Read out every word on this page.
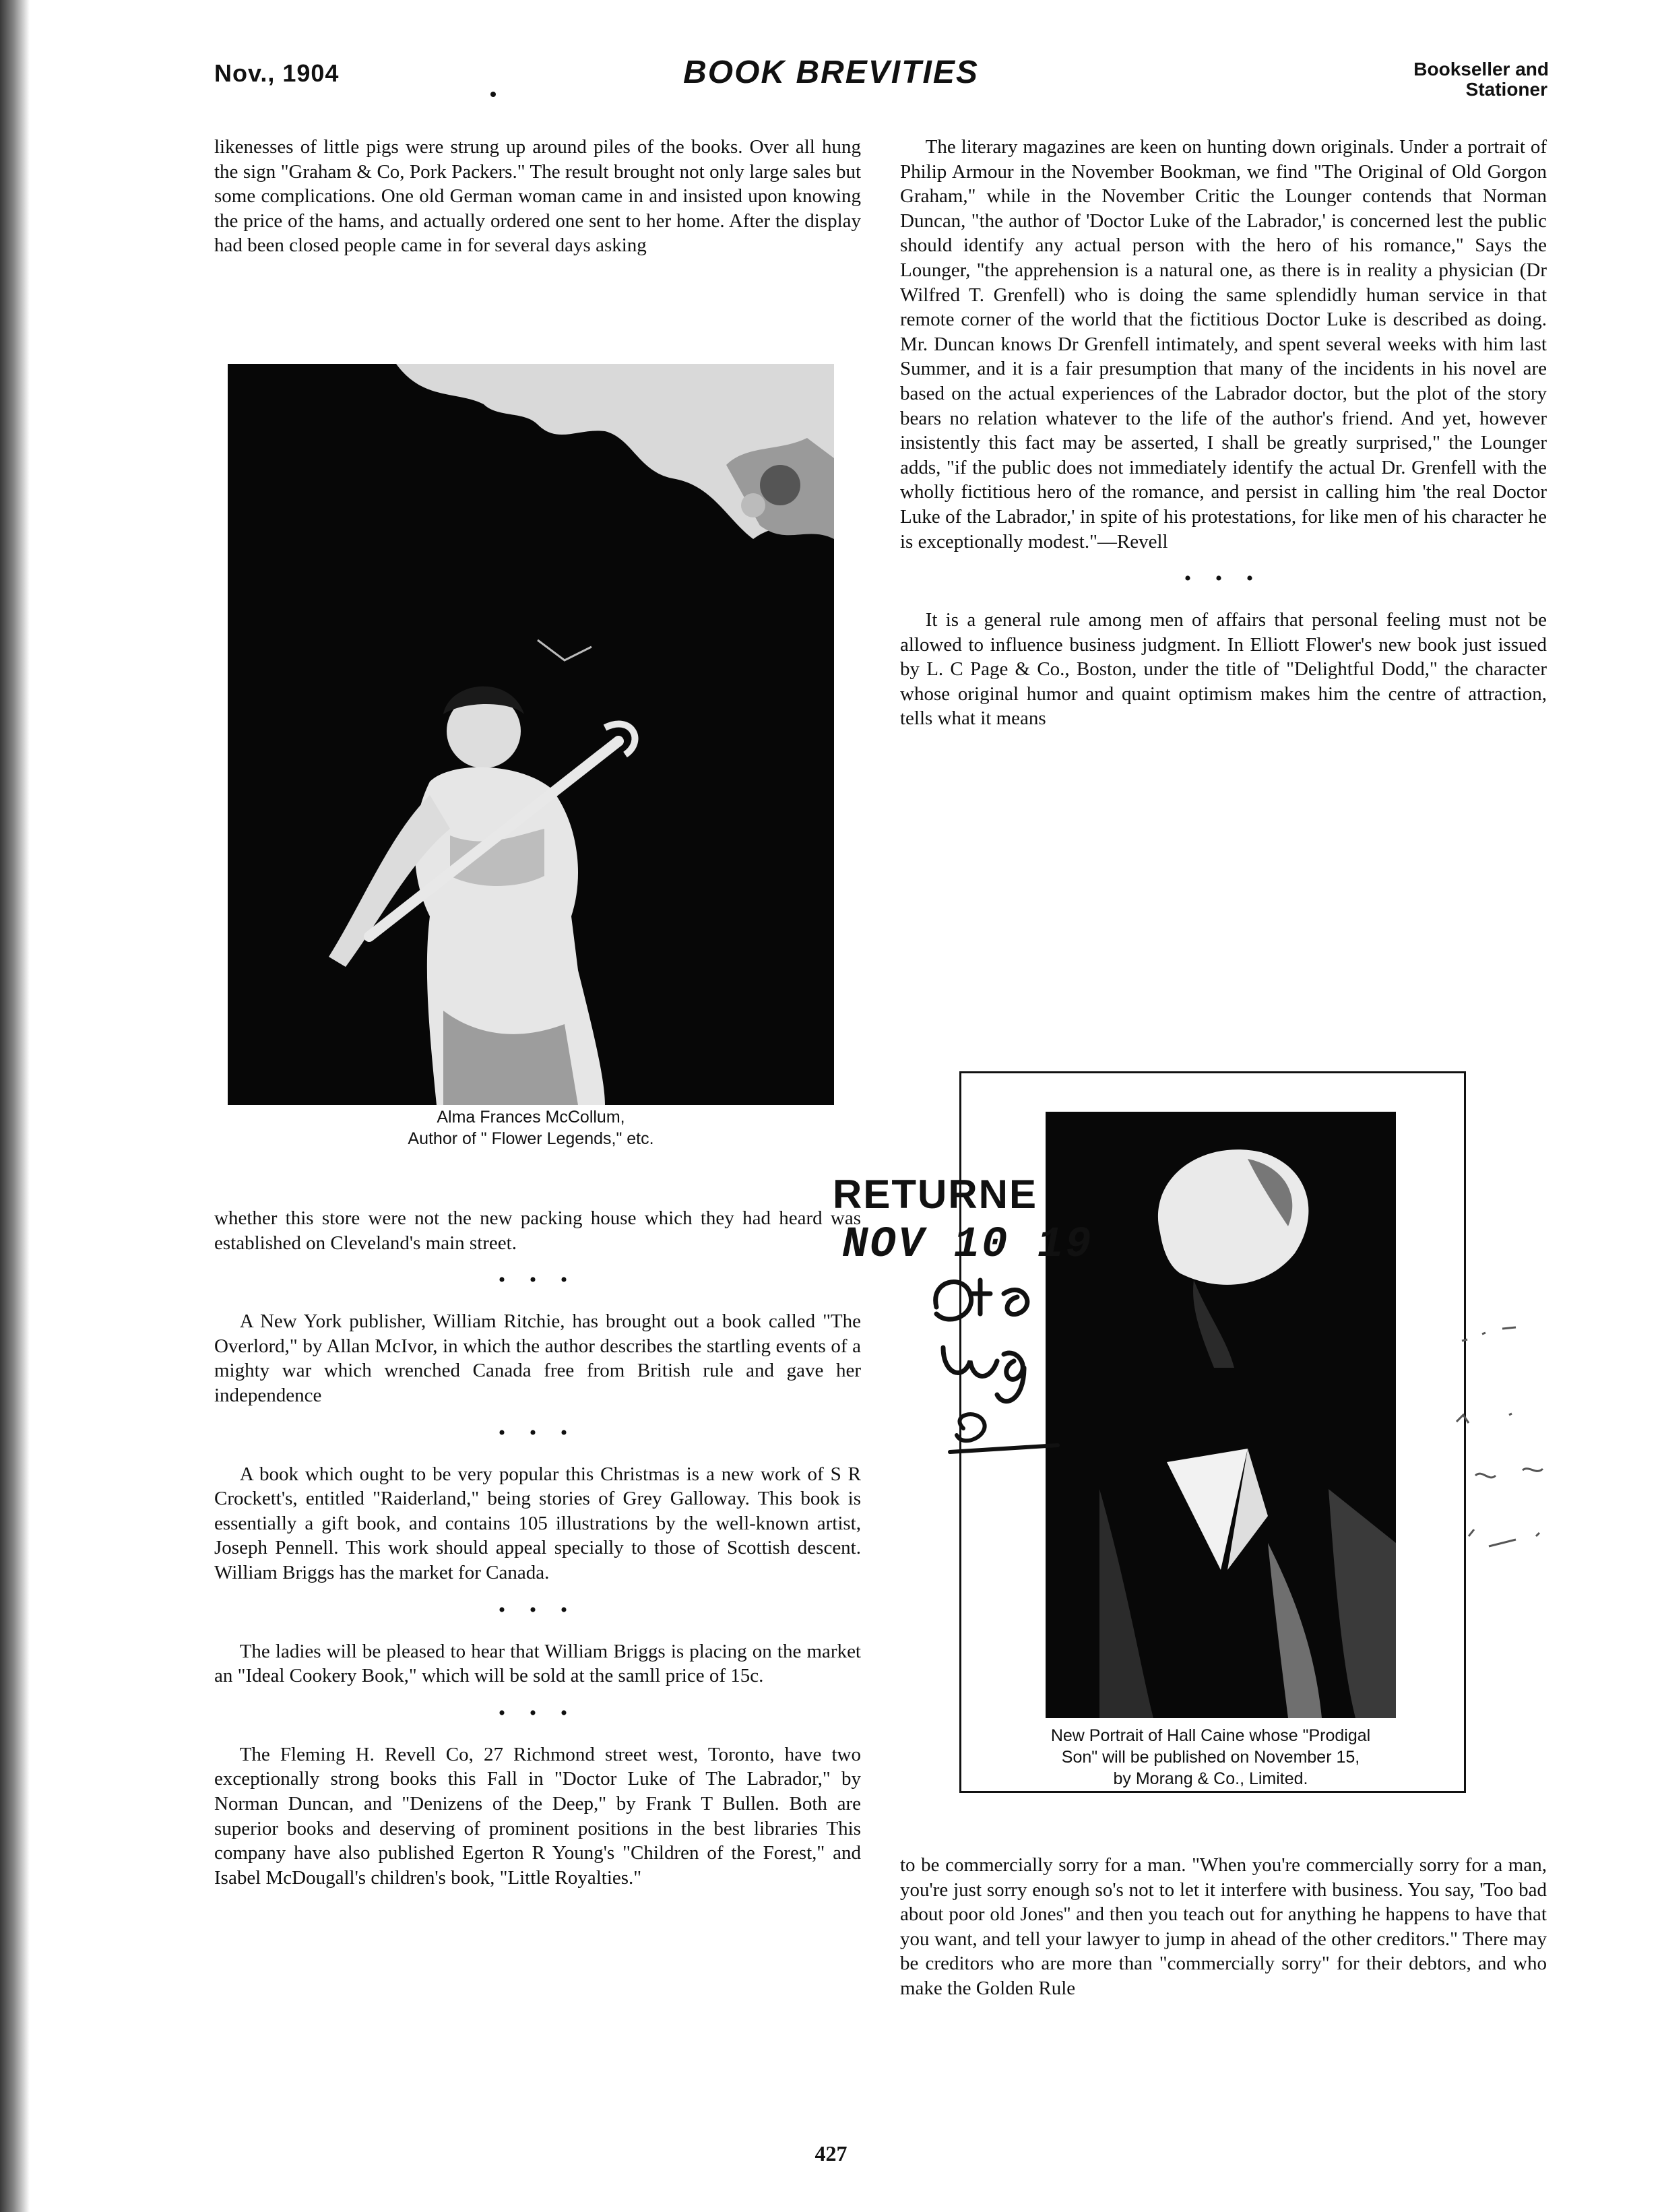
Nov., 1904	BOOK BREVITIES	Bookseller and
Stationer

likenesses of little pigs were strung up around piles of the books. Over all hung the sign "Graham & Co, Pork Packers." The result brought not only large sales but some complications. One old German woman came in and insisted upon knowing the price of the hams, and actually ordered one sent to her home. After the display had been closed people came in for several days asking

Alma Frances McCollum,
Author of " Flower Legends," etc.

whether this store were not the new packing house which they had heard was established on Cleveland's main street.

• • •

A New York publisher, William Ritchie, has brought out a book called "The Overlord," by Allan McIvor, in which the author describes the startling events of a mighty war which wrenched Canada free from British rule and gave her independence

• • •

A book which ought to be very popular this Christmas is a new work of S R Crockett's, entitled "Raiderland," being stories of Grey Galloway. This book is essentially a gift book, and contains 105 illustrations by the well-known artist, Joseph Pennell. This work should appeal specially to those of Scottish descent. William Briggs has the market for Canada.

• • •

The ladies will be pleased to hear that William Briggs is placing on the market an "Ideal Cookery Book," which will be sold at the samll price of 15c.

• • •

The Fleming H. Revell Co, 27 Richmond street west, Toronto, have two exceptionally strong books this Fall in "Doctor Luke of The Labrador," by Norman Duncan, and "Denizens of the Deep," by Frank T Bullen. Both are superior books and deserving of prominent positions in the best libraries This company have also published Egerton R Young's "Children of the Forest," and Isabel McDougall's children's book, "Little Royalties."

The literary magazines are keen on hunting down originals. Under a portrait of Philip Armour in the November Bookman, we find "The Original of Old Gorgon Graham," while in the November Critic the Lounger contends that Norman Duncan, "the author of 'Doctor Luke of the Labrador,' is concerned lest the public should identify any actual person with the hero of his romance," Says the Lounger, "the apprehension is a natural one, as there is in reality a physician (Dr Wilfred T. Grenfell) who is doing the same splendidly human service in that remote corner of the world that the fictitious Doctor Luke is described as doing. Mr. Duncan knows Dr Grenfell intimately, and spent several weeks with him last Summer, and it is a fair presumption that many of the incidents in his novel are based on the actual experiences of the Labrador doctor, but the plot of the story bears no relation whatever to the life of the author's friend. And yet, however insistently this fact may be asserted, I shall be greatly surprised," the Lounger adds, "if the public does not immediately identify the actual Dr. Grenfell with the wholly fictitious hero of the romance, and persist in calling him 'the real Doctor Luke of the Labrador,' in spite of his protestations, for like men of his character he is exceptionally modest."—Revell

• • •

It is a general rule among men of affairs that personal feeling must not be allowed to influence business judgment. In Elliott Flower's new book just issued by L. C Page & Co., Boston, under the title of "Delightful Dodd," the character whose original humor and quaint optimism makes him the centre of attraction, tells what it means

New Portrait of Hall Caine whose "Prodigal
Son" will be published on November 15,
by Morang & Co., Limited.

to be commercially sorry for a man. "When you're commercially sorry for a man, you're just sorry enough so's not to let it interfere with business. You say, 'Too bad about poor old Jones'' and then you teach out for anything he happens to have that you want, and tell your lawyer to jump in ahead of the other creditors." There may be creditors who are more than "commercially sorry" for their debtors, and who make the Golden Rule

RETURNE
NOV 10 19
427
